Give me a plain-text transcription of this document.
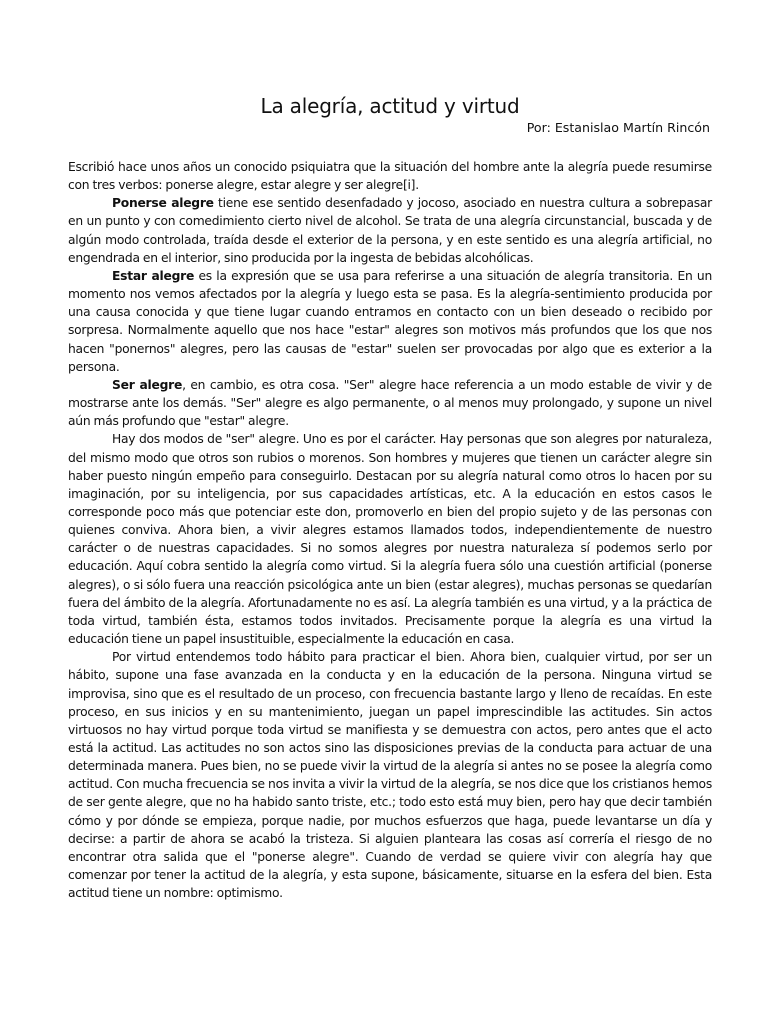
La alegría, actitud y virtud

Por: Estanislao Martín Rincón

Escribió hace unos años un conocido psiquiatra que la situación del hombre ante la alegría puede resumirse con tres verbos: ponerse alegre, estar alegre y ser alegre[i].

Ponerse alegre tiene ese sentido desenfadado y jocoso, asociado en nuestra cultura a sobrepasar en un punto y con comedimiento cierto nivel de alcohol. Se trata de una alegría circunstancial, buscada y de algún modo controlada, traída desde el exterior de la persona, y en este sentido es una alegría artificial, no engendrada en el interior, sino producida por la ingesta de bebidas alcohólicas.

Estar alegre es la expresión que se usa para referirse a una situación de alegría transitoria. En un momento nos vemos afectados por la alegría y luego esta se pasa. Es la alegría-sentimiento producida por una causa conocida y que tiene lugar cuando entramos en contacto con un bien deseado o recibido por sorpresa. Normalmente aquello que nos hace "estar" alegres son motivos más profundos que los que nos hacen "ponernos" alegres, pero las causas de "estar" suelen ser provocadas por algo que es exterior a la persona.

Ser alegre, en cambio, es otra cosa. "Ser" alegre hace referencia a un modo estable de vivir y de mostrarse ante los demás. "Ser" alegre es algo permanente, o al menos muy prolongado, y supone un nivel aún más profundo que "estar" alegre.

Hay dos modos de "ser" alegre. Uno es por el carácter. Hay personas que son alegres por naturaleza, del mismo modo que otros son rubios o morenos. Son hombres y mujeres que tienen un carácter alegre sin haber puesto ningún empeño para conseguirlo. Destacan por su alegría natural como otros lo hacen por su imaginación, por su inteligencia, por sus capacidades artísticas, etc. A la educación en estos casos le corresponde poco más que potenciar este don, promoverlo en bien del propio sujeto y de las personas con quienes conviva. Ahora bien, a vivir alegres estamos llamados todos, independientemente de nuestro carácter o de nuestras capacidades. Si no somos alegres por nuestra naturaleza sí podemos serlo por educación. Aquí cobra sentido la alegría como virtud. Si la alegría fuera sólo una cuestión artificial (ponerse alegres), o si sólo fuera una reacción psicológica ante un bien (estar alegres), muchas personas se quedarían fuera del ámbito de la alegría. Afortunadamente no es así. La alegría también es una virtud, y a la práctica de toda virtud, también ésta, estamos todos invitados. Precisamente porque la alegría es una virtud la educación tiene un papel insustituible, especialmente la educación en casa.

Por virtud entendemos todo hábito para practicar el bien. Ahora bien, cualquier virtud, por ser un hábito, supone una fase avanzada en la conducta y en la educación de la persona. Ninguna virtud se improvisa, sino que es el resultado de un proceso, con frecuencia bastante largo y lleno de recaídas. En este proceso, en sus inicios y en su mantenimiento, juegan un papel imprescindible las actitudes. Sin actos virtuosos no hay virtud porque toda virtud se manifiesta y se demuestra con actos, pero antes que el acto está la actitud. Las actitudes no son actos sino las disposiciones previas de la conducta para actuar de una determinada manera. Pues bien, no se puede vivir la virtud de la alegría si antes no se posee la alegría como actitud. Con mucha frecuencia se nos invita a vivir la virtud de la alegría, se nos dice que los cristianos hemos de ser gente alegre, que no ha habido santo triste, etc.; todo esto está muy bien, pero hay que decir también cómo y por dónde se empieza, porque nadie, por muchos esfuerzos que haga, puede levantarse un día y decirse: a partir de ahora se acabó la tristeza. Si alguien planteara las cosas así correría el riesgo de no encontrar otra salida que el "ponerse alegre". Cuando de verdad se quiere vivir con alegría hay que comenzar por tener la actitud de la alegría, y esta supone, básicamente, situarse en la esfera del bien. Esta actitud tiene un nombre: optimismo.
